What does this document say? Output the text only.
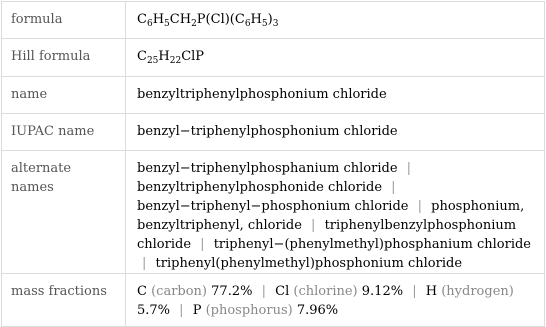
formula	$C_6H_5CH_2P(Cl)(C_6H_5)_3$
Hill formula	$C_{25}H_{22}ClP$
name	benzyltriphenylphosphonium chloride
IUPAC name	benzyl−triphenylphosphonium chloride
alternate names	benzyl−triphenylphosphanium chloride | benzyltriphenylphosphonide chloride | benzyl−triphenyl−phosphonium chloride | phosphonium, benzyltriphenyl, chloride | triphenylbenzylphosphonium chloride | triphenyl−(phenylmethyl)phosphanium chloride | triphenyl(phenylmethyl)phosphonium chloride
mass fractions	C (carbon) 77.2% | Cl (chlorine) 9.12% | H (hydrogen) 5.7% | P (phosphorus) 7.96%
